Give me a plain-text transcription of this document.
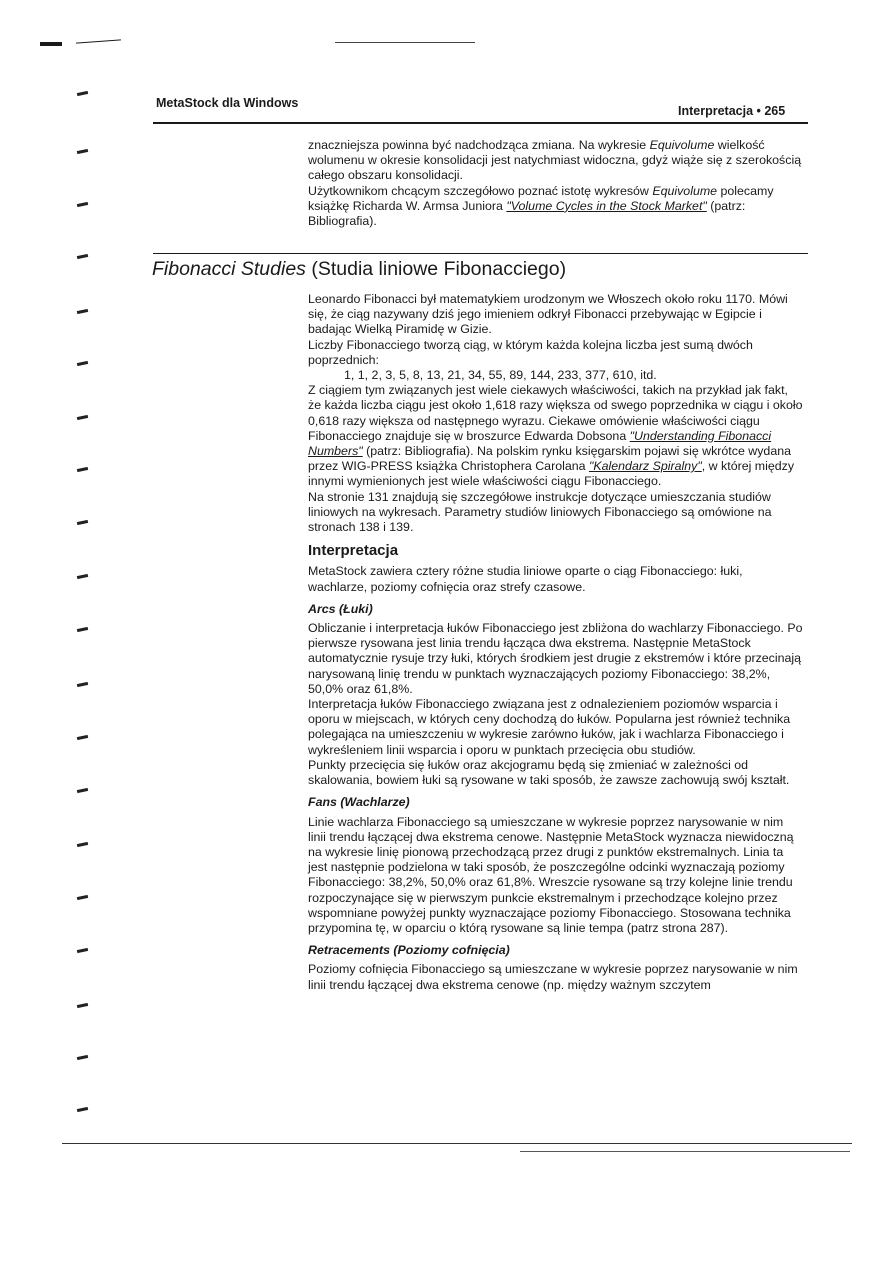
MetaStock dla Windows
Interpretacja • 265

znaczniejsza powinna być nadchodząca zmiana. Na wykresie Equivolume wielkość wolumenu w okresie konsolidacji jest natychmiast widoczna, gdyż wiąże się z szerokością całego obszaru konsolidacji.

Użytkownikom chcącym szczegółowo poznać istotę wykresów Equivolume polecamy książkę Richarda W. Armsa Juniora "Volume Cycles in the Stock Market" (patrz: Bibliografia).

Fibonacci Studies (Studia liniowe Fibonacciego)

Leonardo Fibonacci był matematykiem urodzonym we Włoszech około roku 1170. Mówi się, że ciąg nazywany dziś jego imieniem odkrył Fibonacci przebywając w Egipcie i badając Wielką Piramidę w Gizie.

Liczby Fibonacciego tworzą ciąg, w którym każda kolejna liczba jest sumą dwóch poprzednich:

1, 1, 2, 3, 5, 8, 13, 21, 34, 55, 89, 144, 233, 377, 610, itd.

Z ciągiem tym związanych jest wiele ciekawych właściwości, takich na przykład jak fakt, że każda liczba ciągu jest około 1,618 razy większa od swego poprzednika w ciągu i około 0,618 razy większa od następnego wyrazu. Ciekawe omówienie właściwości ciągu Fibonacciego znajduje się w broszurce Edwarda Dobsona "Understanding Fibonacci Numbers" (patrz: Bibliografia). Na polskim rynku księgarskim pojawi się wkrótce wydana przez WIG-PRESS książka Christophera Carolana "Kalendarz Spiralny", w której między innymi wymienionych jest wiele właściwości ciągu Fibonacciego.

Na stronie 131 znajdują się szczegółowe instrukcje dotyczące umieszczania studiów liniowych na wykresach. Parametry studiów liniowych Fibonacciego są omówione na stronach 138 i 139.

Interpretacja

MetaStock zawiera cztery różne studia liniowe oparte o ciąg Fibonacciego: łuki, wachlarze, poziomy cofnięcia oraz strefy czasowe.

Arcs (Łuki)

Obliczanie i interpretacja łuków Fibonacciego jest zbliżona do wachlarzy Fibonacciego. Po pierwsze rysowana jest linia trendu łącząca dwa ekstrema. Następnie MetaStock automatycznie rysuje trzy łuki, których środkiem jest drugie z ekstremów i które przecinają narysowaną linię trendu w punktach wyznaczających poziomy Fibonacciego: 38,2%, 50,0% oraz 61,8%.

Interpretacja łuków Fibonacciego związana jest z odnalezieniem poziomów wsparcia i oporu w miejscach, w których ceny dochodzą do łuków. Popularna jest również technika polegająca na umieszczeniu w wykresie zarówno łuków, jak i wachlarza Fibonacciego i wykreśleniem linii wsparcia i oporu w punktach przecięcia obu studiów.

Punkty przecięcia się łuków oraz akcjogramu będą się zmieniać w zależności od skalowania, bowiem łuki są rysowane w taki sposób, że zawsze zachowują swój kształt.

Fans (Wachlarze)

Linie wachlarza Fibonacciego są umieszczane w wykresie poprzez narysowanie w nim linii trendu łączącej dwa ekstrema cenowe. Następnie MetaStock wyznacza niewidoczną na wykresie linię pionową przechodzącą przez drugi z punktów ekstremalnych. Linia ta jest następnie podzielona w taki sposób, że poszczególne odcinki wyznaczają poziomy Fibonacciego: 38,2%, 50,0% oraz 61,8%. Wreszcie rysowane są trzy kolejne linie trendu rozpoczynające się w pierwszym punkcie ekstremalnym i przechodzące kolejno przez wspomniane powyżej punkty wyznaczające poziomy Fibonacciego. Stosowana technika przypomina tę, w oparciu o którą rysowane są linie tempa (patrz strona 287).

Retracements (Poziomy cofnięcia)

Poziomy cofnięcia Fibonacciego są umieszczane w wykresie poprzez narysowanie w nim linii trendu łączącej dwa ekstrema cenowe (np. między ważnym szczytem
